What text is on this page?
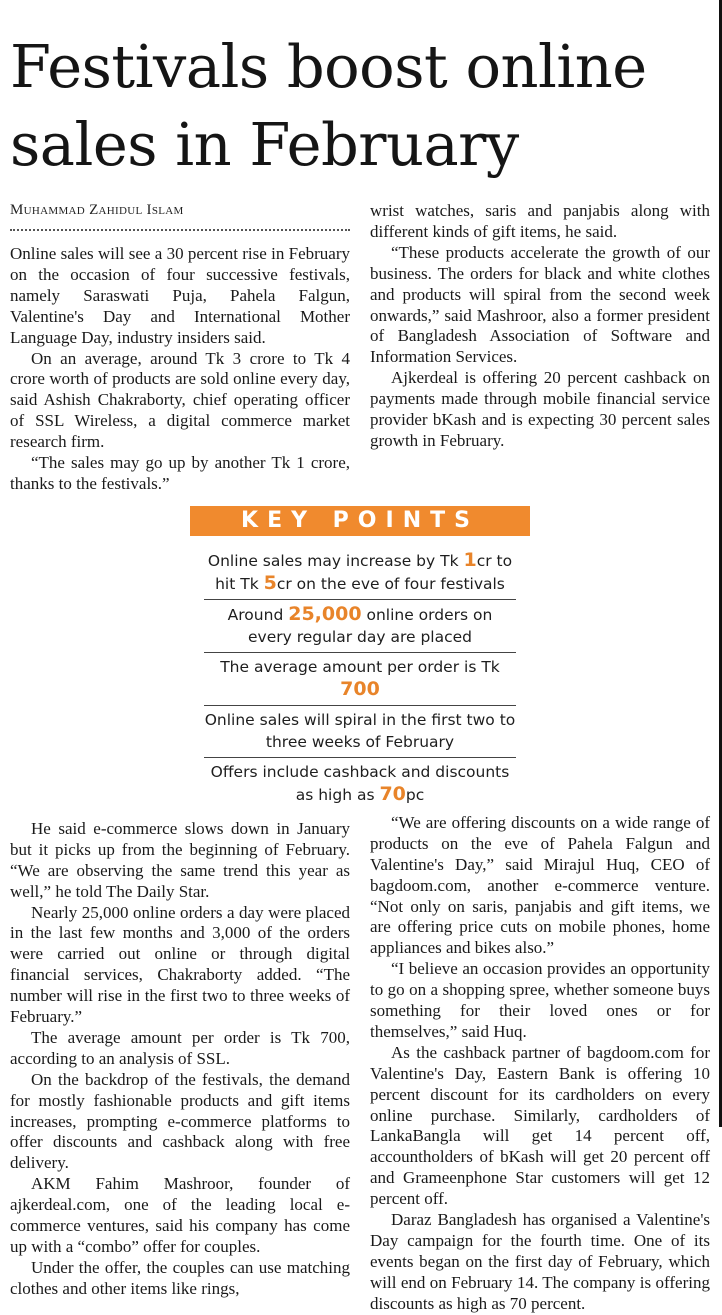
Festivals boost online sales in February
Muhammad Zahidul Islam

Online sales will see a 30 percent rise in February on the occasion of four successive festivals, namely Saraswati Puja, Pahela Falgun, Valentine's Day and International Mother Language Day, industry insiders said.

On an average, around Tk 3 crore to Tk 4 crore worth of products are sold online every day, said Ashish Chakraborty, chief operating officer of SSL Wireless, a digital commerce market research firm.

“The sales may go up by another Tk 1 crore, thanks to the festivals.”

He said e-commerce slows down in January but it picks up from the beginning of February. “We are observing the same trend this year as well,” he told The Daily Star.

Nearly 25,000 online orders a day were placed in the last few months and 3,000 of the orders were carried out online or through digital financial services, Chakraborty added. “The number will rise in the first two to three weeks of February.”

The average amount per order is Tk 700, according to an analysis of SSL.

On the backdrop of the festivals, the demand for mostly fashionable products and gift items increases, prompting e-commerce platforms to offer discounts and cashback along with free delivery.

AKM Fahim Mashroor, founder of ajkerdeal.com, one of the leading local e-commerce ventures, said his company has come up with a “combo” offer for couples.

Under the offer, the couples can use matching clothes and other items like rings,

wrist watches, saris and panjabis along with different kinds of gift items, he said.

“These products accelerate the growth of our business. The orders for black and white clothes and products will spiral from the second week onwards,” said Mashroor, also a former president of Bangladesh Association of Software and Information Services.

Ajkerdeal is offering 20 percent cashback on payments made through mobile financial service provider bKash and is expecting 30 percent sales growth in February.

“We are offering discounts on a wide range of products on the eve of Pahela Falgun and Valentine's Day,” said Mirajul Huq, CEO of bagdoom.com, another e-commerce venture. “Not only on saris, panjabis and gift items, we are offering price cuts on mobile phones, home appliances and bikes also.”

“I believe an occasion provides an opportunity to go on a shopping spree, whether someone buys something for their loved ones or for themselves,” said Huq.

As the cashback partner of bagdoom.com for Valentine's Day, Eastern Bank is offering 10 percent discount for its cardholders on every online purchase. Similarly, cardholders of LankaBangla will get 14 percent off, accountholders of bKash will get 20 percent off and Grameenphone Star customers will get 12 percent off.

Daraz Bangladesh has organised a Valentine's Day campaign for the fourth time. One of its events began on the first day of February, which will end on February 14. The company is offering discounts as high as 70 percent.

KEY POINTS
Online sales may increase by Tk 1cr to hit Tk 5cr on the eve of four festivals
Around 25,000 online orders on every regular day are placed
The average amount per order is Tk 700
Online sales will spiral in the first two to three weeks of February
Offers include cashback and discounts as high as 70pc
